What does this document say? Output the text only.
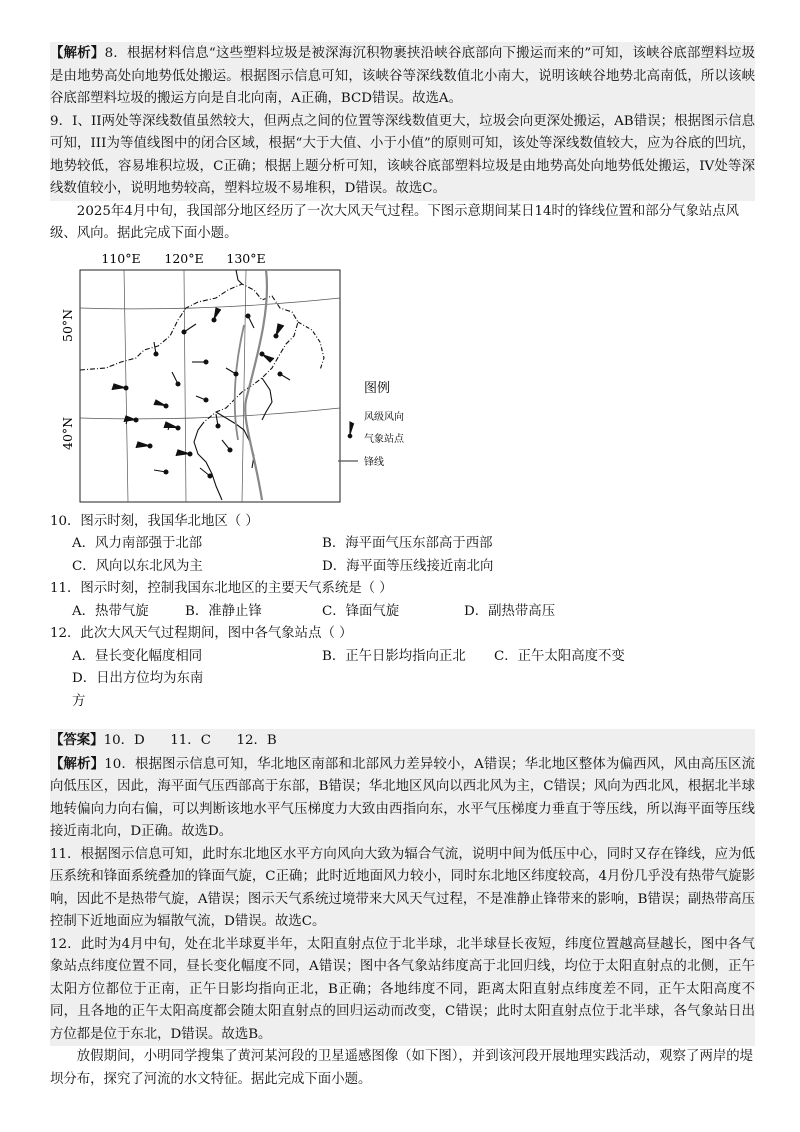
【解析】8．根据材料信息“这些塑料垃圾是被深海沉积物裹挟沿峡谷底部向下搬运而来的”可知，该峡谷底部塑料垃圾是由地势高处向地势低处搬运。根据图示信息可知，该峡谷等深线数值北小南大，说明该峡谷地势北高南低，所以该峡谷底部塑料垃圾的搬运方向是自北向南，A正确，BCD错误。故选A。

9．I、II两处等深线数值虽然较大，但两点之间的位置等深线数值更大，垃圾会向更深处搬运，AB错误；根据图示信息可知，III为等值线图中的闭合区域，根据“大于大值、小于小值”的原则可知，该处等深线数值较大，应为谷底的凹坑，地势较低，容易堆积垃圾，C正确；根据上题分析可知，该峡谷底部塑料垃圾是由地势高处向地势低处搬运，IV处等深线数值较小，说明地势较高，塑料垃圾不易堆积，D错误。故选C。

2025年4月中旬，我国部分地区经历了一次大风天气过程。下图示意期间某日14时的锋线位置和部分气象站点风级、风向。据此完成下面小题。

110°E 120°E 130°E
50°N
40°N
图例
风级风向
气象站点
锋线

10．图示时刻，我国华北地区（ ）

A．风力南部强于北部	B．海平面气压东部高于西部
C．风向以东北风为主	D．海平面等压线接近南北向

11．图示时刻，控制我国东北地区的主要天气系统是（ ）

A．热带气旋	B．准静止锋	C．锋面气旋	D．副热带高压

12．此次大风天气过程期间，图中各气象站点（ ）

A．昼长变化幅度相同	B．正午日影均指向正北	C．正午太阳高度不变
D．日出方位均为东南方

【答案】10．D      11．C      12．B

【解析】10．根据图示信息可知，华北地区南部和北部风力差异较小，A错误；华北地区整体为偏西风，风由高压区流向低压区，因此，海平面气压西部高于东部，B错误；华北地区风向以西北风为主，C错误；风向为西北风，根据北半球地转偏向力向右偏，可以判断该地水平气压梯度力大致由西指向东，水平气压梯度力垂直于等压线，所以海平面等压线接近南北向，D正确。故选D。

11．根据图示信息可知，此时东北地区水平方向风向大致为辐合气流，说明中间为低压中心，同时又存在锋线，应为低压系统和锋面系统叠加的锋面气旋，C正确；此时近地面风力较小，同时东北地区纬度较高，4月份几乎没有热带气旋影响，因此不是热带气旋，A错误；图示天气系统过境带来大风天气过程，不是准静止锋带来的影响，B错误；副热带高压控制下近地面应为辐散气流，D错误。故选C。

12．此时为4月中旬，处在北半球夏半年，太阳直射点位于北半球，北半球昼长夜短，纬度位置越高昼越长，图中各气象站点纬度位置不同，昼长变化幅度不同，A错误；图中各气象站纬度高于北回归线，均位于太阳直射点的北侧，正午太阳方位都位于正南，正午日影均指向正北，B正确；各地纬度不同，距离太阳直射点纬度差不同，正午太阳高度不同，且各地的正午太阳高度都会随太阳直射点的回归运动而改变，C错误；此时太阳直射点位于北半球，各气象站日出方位都是位于东北，D错误。故选B。

放假期间，小明同学搜集了黄河某河段的卫星遥感图像（如下图），并到该河段开展地理实践活动，观察了两岸的堤坝分布，探究了河流的水文特征。据此完成下面小题。
